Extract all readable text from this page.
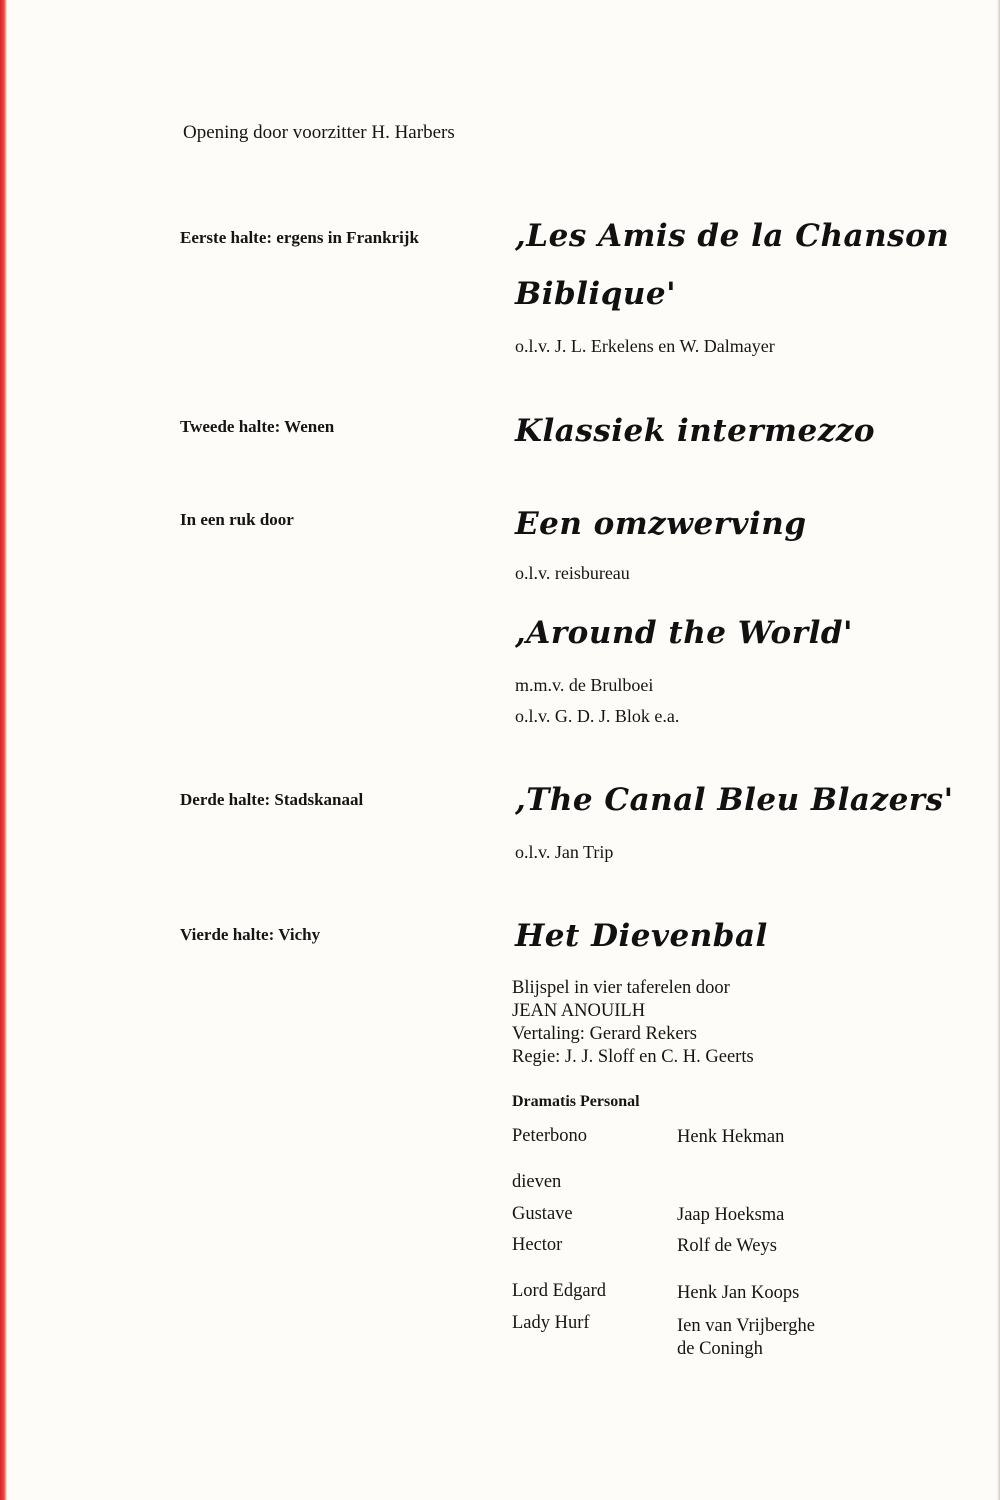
Opening door voorzitter H. Harbers
Eerste halte: ergens in Frankrijk	,Les Amis de la Chanson
Biblique'
o.l.v. J. L. Erkelens en W. Dalmayer
Tweede halte: Wenen	Klassiek intermezzo
In een ruk door	Een omzwerving
o.l.v. reisbureau
,Around the World'
m.m.v. de Brulboei
o.l.v. G. D. J. Blok e.a.
Derde halte: Stadskanaal	,The Canal Bleu Blazers'
o.l.v. Jan Trip
Vierde halte: Vichy	Het Dievenbal
Blijspel in vier taferelen door
JEAN ANOUILH
Vertaling: Gerard Rekers
Regie: J. J. Sloff en C. H. Geerts
Dramatis Personal
Peterbono	Henk Hekman
dieven
Gustave	Jaap Hoeksma
Hector	Rolf de Weys
Lord Edgard	Henk Jan Koops
Lady Hurf	Ien van Vrijberghe
de Coningh
